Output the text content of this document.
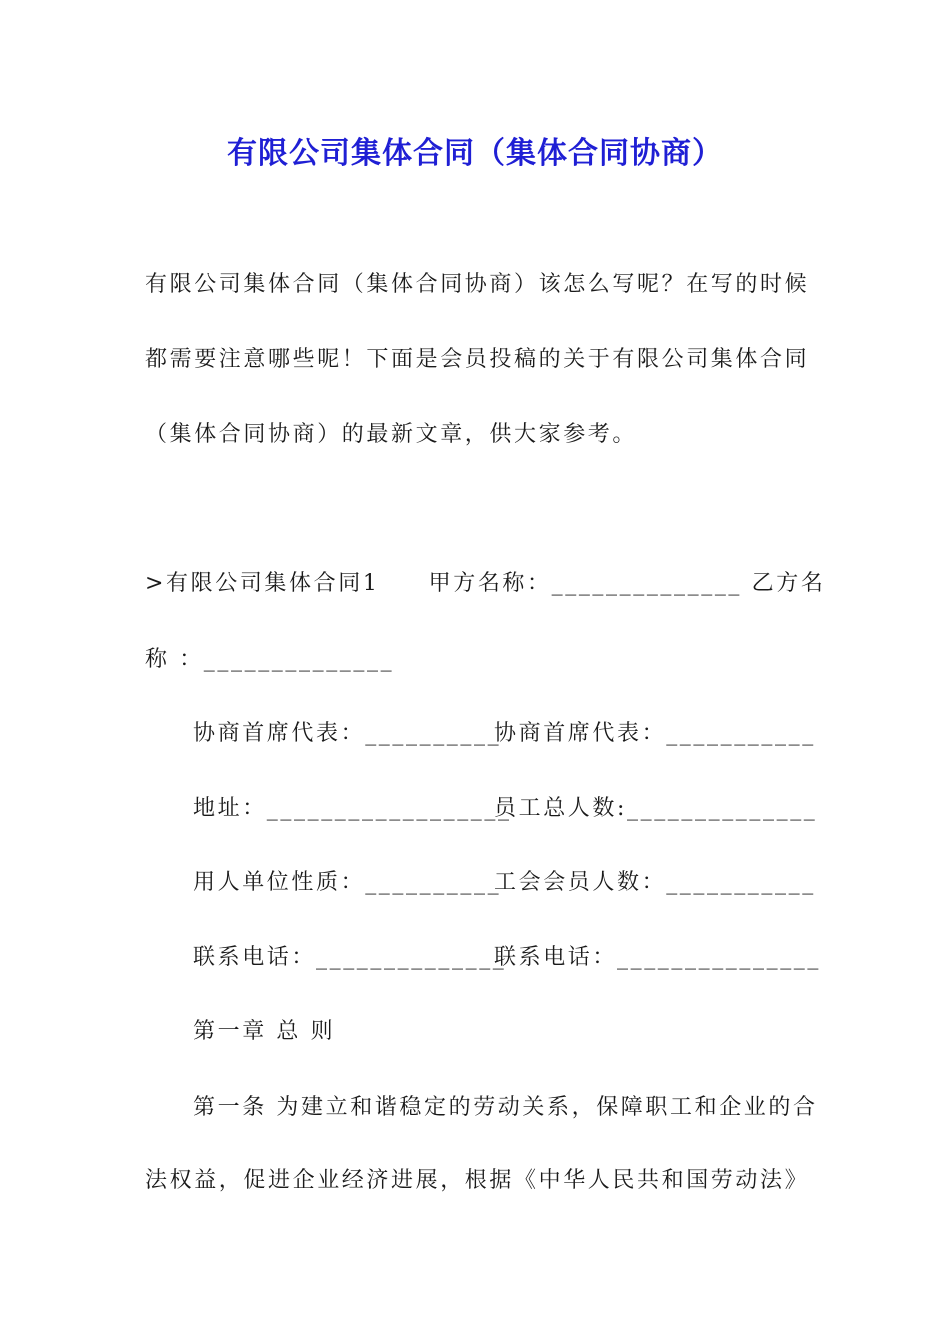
有限公司集体合同（集体合同协商）
有限公司集体合同（集体合同协商）该怎么写呢？在写的时候
都需要注意哪些呢！下面是会员投稿的关于有限公司集体合同
（集体合同协商）的最新文章，供大家参考。
>有限公司集体合同1　　甲方名称：______________ 乙方名
称 ：______________
协商首席代表：__________
协商首席代表：___________
地址：__________________
员工总人数:______________
用人单位性质：__________
工会会员人数：___________
联系电话：______________
联系电话：_______________
第一章 总 则
第一条 为建立和谐稳定的劳动关系，保障职工和企业的合
法权益，促进企业经济进展，根据《中华人民共和国劳动法》
